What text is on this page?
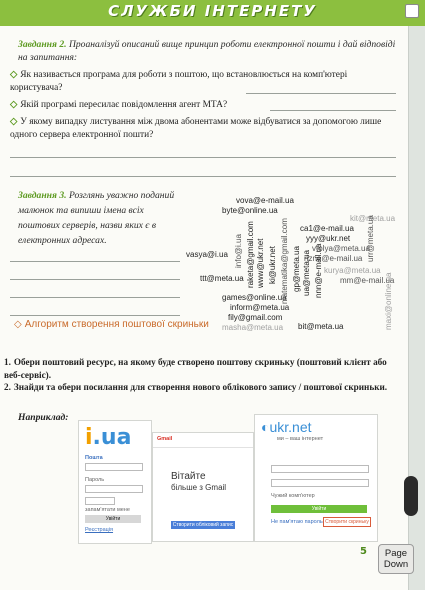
СЛУЖБИ ІНТЕРНЕТУ
Завдання 2. Проаналізуй описаний вище принцип роботи електронної пошти і дай відповіді на запитання:
◇ Як називається програма для роботи з поштою, що встановлюється на комп'ютері користувача?
◇ Якій програмі пересилає повідомлення агент МТА?
◇ У якому випадку листування між двома абонентами може відбуватися за допомогою лише одного сервера електронної пошти?
Завдання 3. Розглянь уважно поданий малюнок та випиши імена всіх поштових серверів, назви яких є в електронних адресах.
vova@e-mail.ua
byte@online.ua
kit@meta.ua
vasya@i.ua
ca1@e-mail.ua
yyy@ukr.net
vtolya@meta.ua
rizne@e-mail.ua
kurya@meta.ua
mm@e-mail.ua
ttt@meta.ua
games@online.ua
inform@meta.ua
fily@gmail.com
masha@meta.ua bit@meta.ua
info@i.ua raketa@gmail.com www@ukr.net ki@ukr.net matematika@gmail.com gp@meta.ua ua@meta.ua nnn@e-mail.ua
urr@meta.ua
maxi@online.ua
◇ Алгоритм створення поштової скриньки
1. Обери поштовий ресурс, на якому буде створено поштову скриньку (поштовий клієнт або веб-сервіс).
2. Знайди та обери посилання для створення нового облікового запису / поштової скриньки.
Наприклад:
i.ua
Пошта
Пароль
запам'ятати мене
Увійти
Реєстрація
Gmail
Вітайте
більше з Gmail
Створити обліковий запис
◐ukr.net
ми – ваш інтернет
Чужий комп'ютер
Увійти
Не пам'ятаю пароль Створити скриньку
5	Page
Down
